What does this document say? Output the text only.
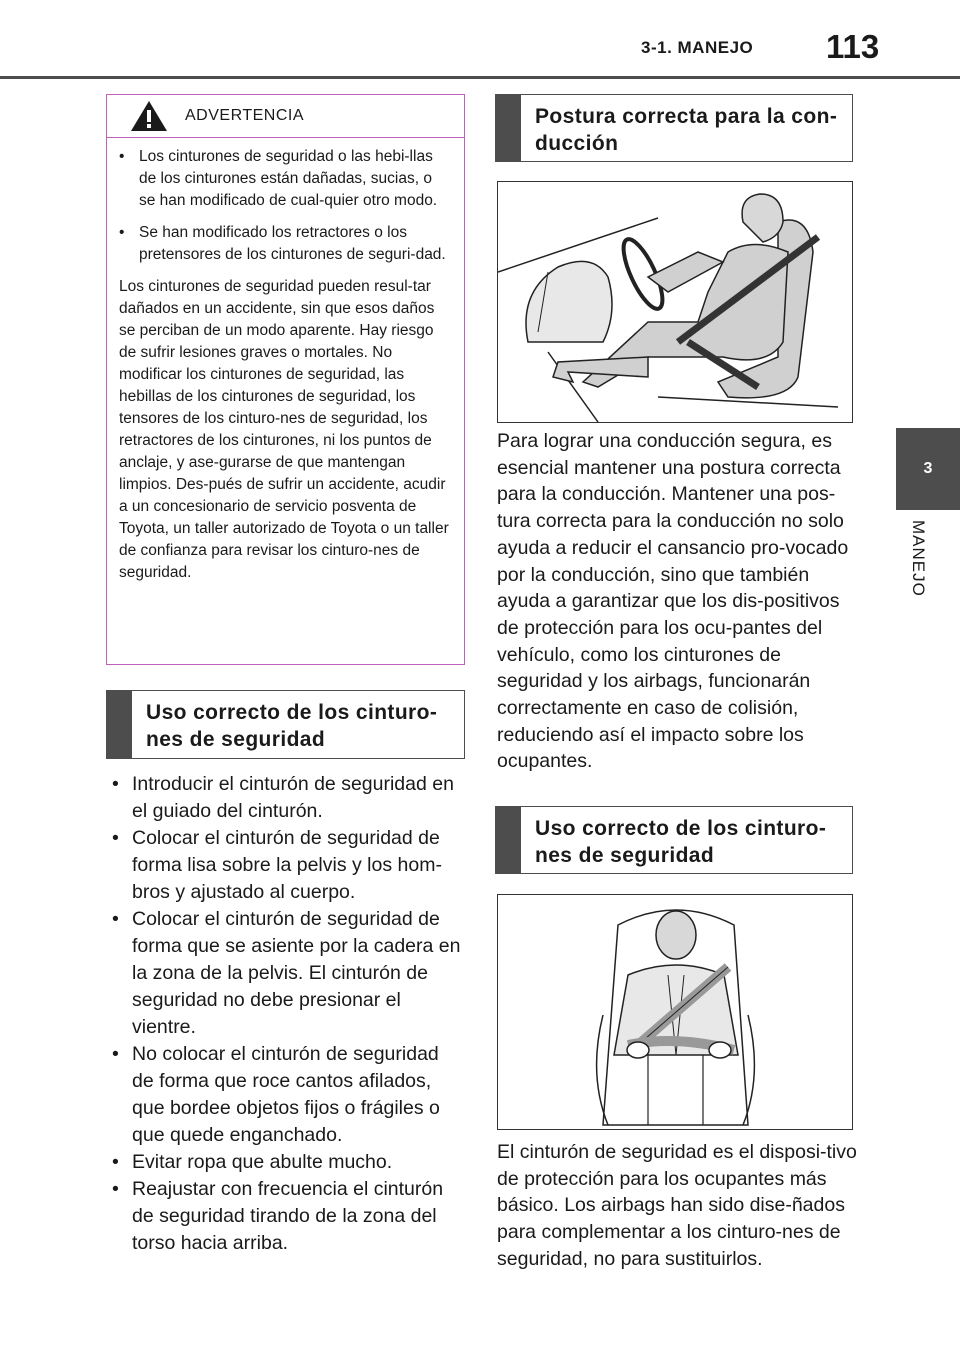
3-1. MANEJO 113
3
MANEJO
ADVERTENCIA
• Los cinturones de seguridad o las hebi-llas de los cinturones están dañadas, sucias, o se han modificado de cual-quier otro modo.
• Se han modificado los retractores o los pretensores de los cinturones de seguri-dad.

Los cinturones de seguridad pueden resul-tar dañados en un accidente, sin que esos daños se perciban de un modo aparente. Hay riesgo de sufrir lesiones graves o mortales. No modificar los cinturones de seguridad, las hebillas de los cinturones de seguridad, los tensores de los cinturo-nes de seguridad, los retractores de los cinturones, ni los puntos de anclaje, y ase-gurarse de que mantengan limpios. Des-pués de sufrir un accidente, acudir a un concesionario de servicio posventa de Toyota, un taller autorizado de Toyota o un taller de confianza para revisar los cinturo-nes de seguridad.

Uso correcto de los cinturo-nes de seguridad
• Introducir el cinturón de seguridad en el guiado del cinturón.
• Colocar el cinturón de seguridad de forma lisa sobre la pelvis y los hom-bros y ajustado al cuerpo.
• Colocar el cinturón de seguridad de forma que se asiente por la cadera en la zona de la pelvis. El cinturón de seguridad no debe presionar el vientre.
• No colocar el cinturón de seguridad de forma que roce cantos afilados, que bordee objetos fijos o frágiles o que quede enganchado.
• Evitar ropa que abulte mucho.
• Reajustar con frecuencia el cinturón de seguridad tirando de la zona del torso hacia arriba.
Postura correcta para la con-ducción
Para lograr una conducción segura, es esencial mantener una postura correcta para la conducción. Mantener una pos-tura correcta para la conducción no solo ayuda a reducir el cansancio pro-vocado por la conducción, sino que también ayuda a garantizar que los dis-positivos de protección para los ocu-pantes del vehículo, como los cinturones de seguridad y los airbags, funcionarán correctamente en caso de colisión, reduciendo así el impacto sobre los ocupantes.
Uso correcto de los cinturo-nes de seguridad
El cinturón de seguridad es el disposi-tivo de protección para los ocupantes más básico. Los airbags han sido dise-ñados para complementar a los cinturo-nes de seguridad, no para sustituirlos.
